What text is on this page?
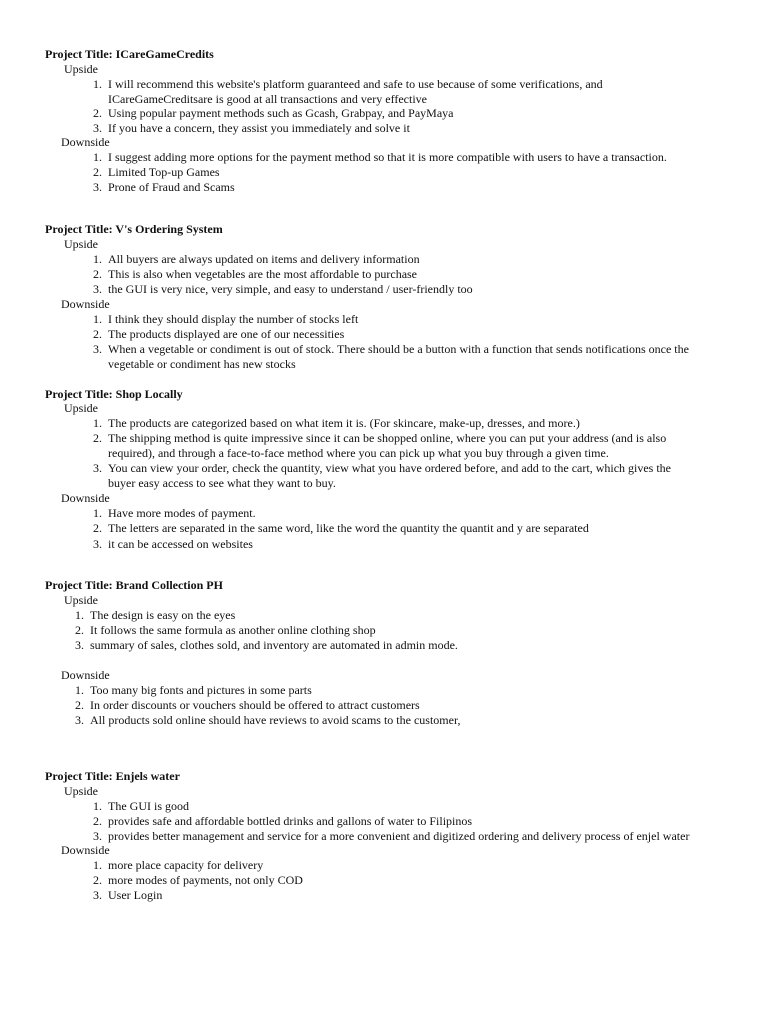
Project Title: ICareGameCredits
Upside
Downside
1. I will recommend this website's platform guaranteed and safe to use because of some verifications, and
ICareGameCreditsare is good at all transactions and very effective
2. Using popular payment methods such as Gcash, Grabpay, and PayMaya
3. If you have a concern, they assist you immediately and solve it
1. I suggest adding more options for the payment method so that it is more compatible with users to have a transaction.
2. Limited Top-up Games
3. Prone of Fraud and Scams
Project Title: V's Ordering System
Upside
Downside
1. All buyers are always updated on items and delivery information
2. This is also when vegetables are the most affordable to purchase
3. the GUI is very nice, very simple, and easy to understand / user-friendly too
1. I think they should display the number of stocks left
2. The products displayed are one of our necessities
3. When a vegetable or condiment is out of stock. There should be a button with a function that sends notifications once the
vegetable or condiment has new stocks
Project Title: Shop Locally
Upside
Downside
1. The products are categorized based on what item it is. (For skincare, make-up, dresses, and more.)
2. The shipping method is quite impressive since it can be shopped online, where you can put your address (and is also
required), and through a face-to-face method where you can pick up what you buy through a given time.
3. You can view your order, check the quantity, view what you have ordered before, and add to the cart, which gives the
buyer easy access to see what they want to buy.
1. Have more modes of payment.
2. The letters are separated in the same word, like the word the quantity the quantit and y are separated
3. it can be accessed on websites
Project Title: Brand Collection PH
Upside
Downside
1. The design is easy on the eyes
2. It follows the same formula as another online clothing shop
3. summary of sales, clothes sold, and inventory are automated in admin mode.
1. Too many big fonts and pictures in some parts
2. In order discounts or vouchers should be offered to attract customers
3. All products sold online should have reviews to avoid scams to the customer,
Project Title: Enjels water
Upside
Downside
1. The GUI is good
2. provides safe and affordable bottled drinks and gallons of water to Filipinos
3. provides better management and service for a more convenient and digitized ordering and delivery process of enjel water
1. more place capacity for delivery
2. more modes of payments, not only COD
3. User Login
